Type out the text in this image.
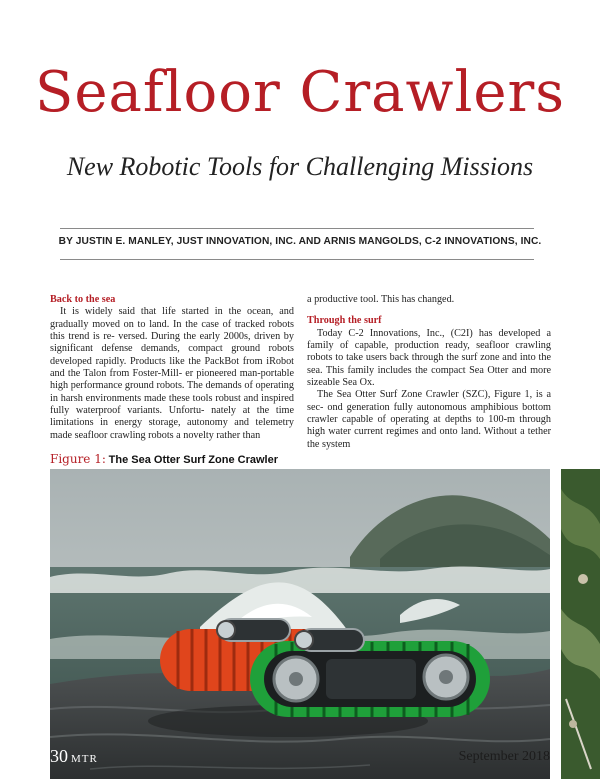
Seafloor Crawlers
New Robotic Tools for Challenging Missions
BY JUSTIN E. MANLEY, JUST INNOVATION, INC. AND ARNIS MANGOLDS, C-2 INNOVATIONS, INC.
Back to the sea

It is widely said that life started in the ocean, and gradually moved on to land. In the case of tracked robots this trend is re- versed. During the early 2000s, driven by significant defense demands, compact ground robots developed rapidly. Products like the PackBot from iRobot and the Talon from Foster-Mill- er pioneered man-portable high performance ground robots. The demands of operating in harsh environments made these tools robust and inspired fully waterproof variants. Unfortu- nately at the time limitations in energy storage, autonomy and telemetry made seafloor crawling robots a novelty rather than

a productive tool. This has changed.

Through the surf

Today C-2 Innovations, Inc., (C2I) has developed a family of capable, production ready, seafloor crawling robots to take users back through the surf zone and into the sea. This family includes the compact Sea Otter and more sizeable Sea Ox.

The Sea Otter Surf Zone Crawler (SZC), Figure 1, is a sec- ond generation fully autonomous amphibious bottom crawler capable of operating at depths to 100-m through high water current regimes and onto land. Without a tether the system

Figure 1: The Sea Otter Surf Zone Crawler
30 MTR	September 2018
